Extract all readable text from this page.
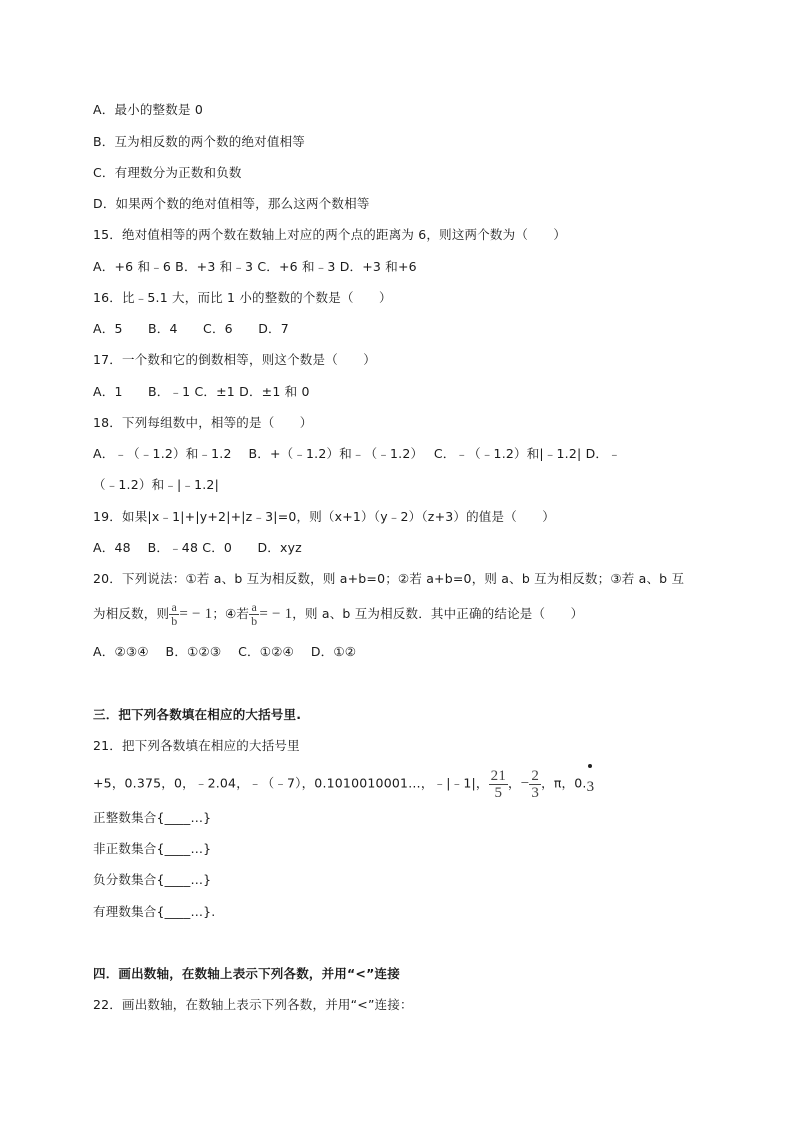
A．最小的整数是 0
B．互为相反数的两个数的绝对值相等
C．有理数分为正数和负数
D．如果两个数的绝对值相等，那么这两个数相等
15．绝对值相等的两个数在数轴上对应的两个点的距离为 6，则这两个数为（　　）
A．+6 和﹣6 B．+3 和﹣3 C．+6 和﹣3 D．+3 和+6
16．比﹣5.1 大，而比 1 小的整数的个数是（　　）
A．5　　B．4　　C．6　　D．7
17．一个数和它的倒数相等，则这个数是（　　）
A．1　　B．﹣1 C．±1 D．±1 和 0
18．下列每组数中，相等的是（　　）
A．﹣（﹣1.2）和﹣1.2　 B．+（﹣1.2）和﹣（﹣1.2）　 C．﹣（﹣1.2）和|﹣1.2| D．﹣
（﹣1.2）和﹣|﹣1.2|
19．如果|x﹣1|+|y+2|+|z﹣3|=0，则（x+1）（y﹣2）（z+3）的值是（　　）
A．48　 B．﹣48 C．0　　D．xyz
20．下列说法：①若 a、b 互为相反数，则 a+b=0；②若 a+b=0，则 a、b 互为相反数；③若 a、b 互
为相反数，则 $\frac{a}{b}$ = − 1；④若 $\frac{a}{b}$ = − 1，则 a、b 互为相反数．其中正确的结论是（　　）
A．②③④　 B．①②③　 C．①②④　 D．①②
三．把下列各数填在相应的大括号里.
21．把下列各数填在相应的大括号里
+5，0.375，0，﹣2.04，﹣（﹣7），0.1010010001…，﹣|﹣1|， $\frac{21}{5}$ ，− $\frac{2}{3}$ ，π，0.
3
正整数集合{____…}
非正数集合{____…}
负分数集合{____…}
有理数集合{____…}.
四．画出数轴，在数轴上表示下列各数，并用“<”连接
22．画出数轴，在数轴上表示下列各数，并用“<”连接：
